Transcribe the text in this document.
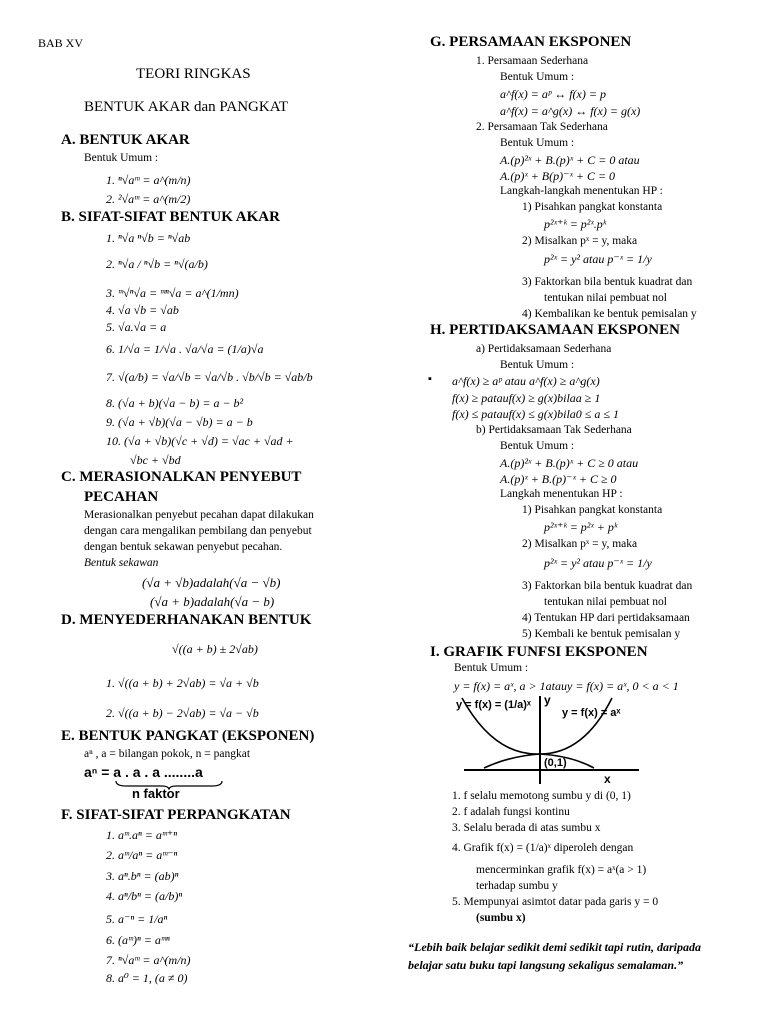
BAB XV
TEORI RINGKAS
BENTUK AKAR dan PANGKAT
A. BENTUK AKAR
Bentuk Umum :
1. ⁿ√aᵐ = a^(m/n)
2. ²√aᵐ = a^(m/2)
B. SIFAT-SIFAT BENTUK AKAR
1. ⁿ√a ⁿ√b = ⁿ√ab
2. ⁿ√a / ⁿ√b = ⁿ√(a/b)
3. ᵐ√ⁿ√a = ᵐⁿ√a = a^(1/mn)
4. √a √b = √ab
5. √a.√a = a
6. 1/√a = 1/√a . √a/√a = (1/a)√a
7. √(a/b) = √a/√b = √a/√b . √b/√b = √ab/b
8. (√a + b)(√a − b) = a − b²
9. (√a + √b)(√a − √b) = a − b
10. (√a + √b)(√c + √d) = √ac + √ad +
√bc + √bd
C. MERASIONALKAN PENYEBUT
PECAHAN
Merasionalkan penyebut pecahan dapat dilakukan
dengan cara mengalikan pembilang dan penyebut
dengan bentuk sekawan penyebut pecahan.
Bentuk sekawan
(√a + √b)adalah(√a − √b)
(√a + b)adalah(√a − b)
D. MENYEDERHANAKAN BENTUK
√((a + b) ± 2√ab)
1. √((a + b) + 2√ab) = √a + √b
2. √((a + b) − 2√ab) = √a − √b
E. BENTUK PANGKAT (EKSPONEN)
aⁿ , a = bilangan pokok, n = pangkat
aⁿ = a . a . a ........a
n faktor
F. SIFAT-SIFAT PERPANGKATAN
1. aᵐ.aⁿ = aᵐ⁺ⁿ
2. aᵐ/aⁿ = aᵐ⁻ⁿ
3. aⁿ.bⁿ = (ab)ⁿ
4. aⁿ/bⁿ = (a/b)ⁿ
5. a⁻ⁿ = 1/aⁿ
6. (aᵐ)ⁿ = aᵐⁿ
7. ⁿ√aᵐ = a^(m/n)
8. a⁰ = 1, (a ≠ 0)
G. PERSAMAAN EKSPONEN
1. Persamaan Sederhana
Bentuk Umum :
a^f(x) = aᵖ ↔ f(x) = p
a^f(x) = a^g(x) ↔ f(x) = g(x)
2. Persamaan Tak Sederhana
Bentuk Umum :
A.(p)²ˣ + B.(p)ˣ + C = 0 atau
A.(p)ˣ + B(p)⁻ˣ + C = 0
Langkah-langkah menentukan HP :
1) Pisahkan pangkat konstanta
p²ˣ⁺ᵏ = p²ˣ.pᵏ
2) Misalkan pˣ = y, maka
p²ˣ = y² atau p⁻ˣ = 1/y
3) Faktorkan bila bentuk kuadrat dan
tentukan nilai pembuat nol
4) Kembalikan ke bentuk pemisalan y
H. PERTIDAKSAMAAN EKSPONEN
a) Pertidaksamaan Sederhana
Bentuk Umum :
▪ a^f(x) ≥ aᵖ atau a^f(x) ≥ a^g(x)
f(x) ≥ patauf(x) ≥ g(x)bilaa ≥ 1
f(x) ≤ patauf(x) ≤ g(x)bila0 ≤ a ≤ 1
b) Pertidaksamaan Tak Sederhana
Bentuk Umum :
A.(p)²ˣ + B.(p)ˣ + C ≥ 0 atau
A.(p)ˣ + B.(p)⁻ˣ + C ≥ 0
Langkah menentukan HP :
1) Pisahkan pangkat konstanta
p²ˣ⁺ᵏ = p²ˣ + pᵏ
2) Misalkan pˣ = y, maka
p²ˣ = y² atau p⁻ˣ = 1/y
3) Faktorkan bila bentuk kuadrat dan
tentukan nilai pembuat nol
4) Tentukan HP dari pertidaksamaan
5) Kembali ke bentuk pemisalan y
I. GRAFIK FUNFSI EKSPONEN
Bentuk Umum :
y = f(x) = aˣ, a > 1atauy = f(x) = aˣ, 0 < a < 1
y = f(x) = (1/a)ˣ y
y = f(x) = aˣ
(0,1)
x
1. f selalu memotong sumbu y di (0, 1)
2. f adalah fungsi kontinu
3. Selalu berada di atas sumbu x
4. Grafik f(x) = (1/a)ˣ diperoleh dengan
mencerminkan grafik f(x) = aˣ(a > 1)
terhadap sumbu y
5. Mempunyai asimtot datar pada garis y = 0
(sumbu x)
“Lebih baik belajar sedikit demi sedikit tapi rutin, daripada
belajar satu buku tapi langsung sekaligus semalaman.”
